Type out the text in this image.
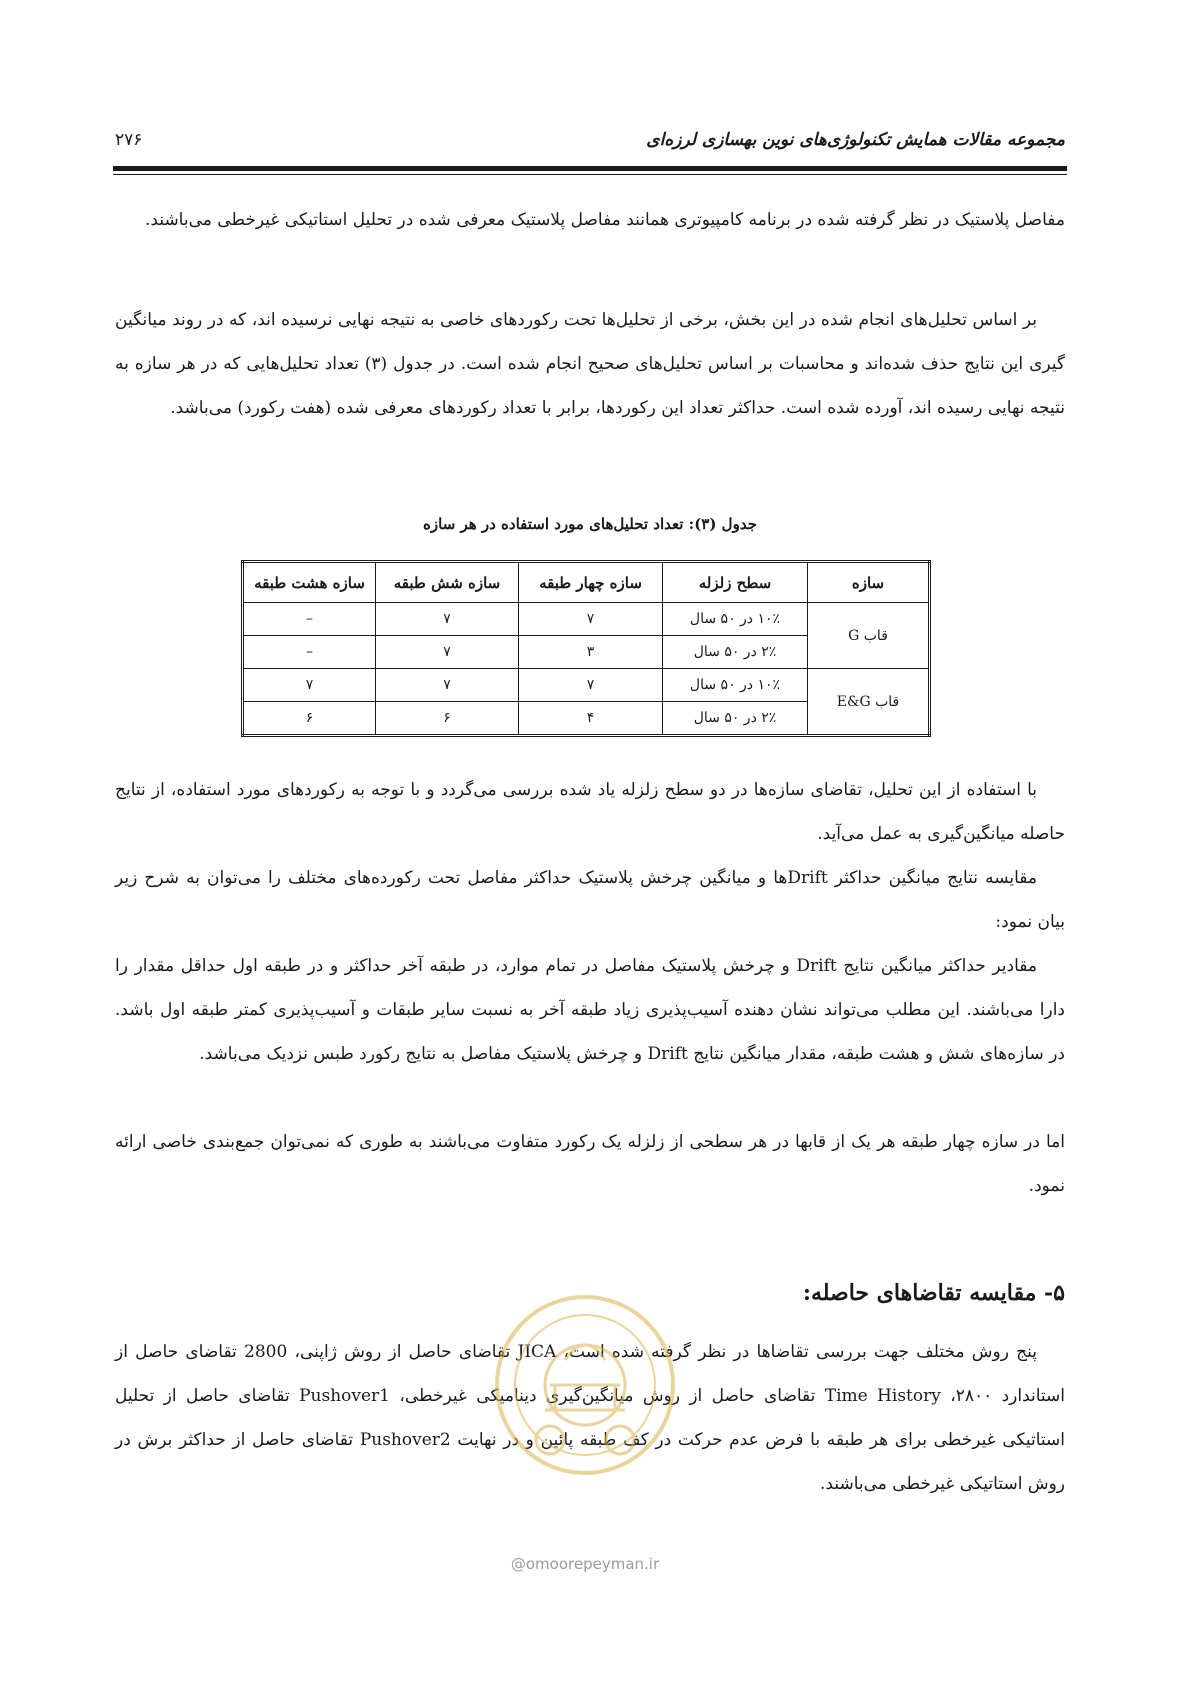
مجموعه مقالات همایش تکنولوژی‌های نوین بهسازی لرزه‌ای
۲۷۶

مفاصل پلاستیک در نظر گرفته شده در برنامه کامپیوتری همانند مفاصل پلاستیک معرفی شده در تحلیل استاتیکی غیرخطی می‌باشند.

بر اساس تحلیل‌های انجام شده در این بخش، برخی از تحلیل‌ها تحت رکوردهای خاصی به نتیجه نهایی نرسیده اند، که در روند میانگین گیری این نتایج حذف شده‌اند و محاسبات بر اساس تحلیل‌های صحیح انجام شده است. در جدول (۳) تعداد تحلیل‌هایی که در هر سازه به نتیجه نهایی رسیده اند، آورده شده است. حداکثر تعداد این رکوردها، برابر با تعداد رکوردهای معرفی شده (هفت رکورد) می‌باشد.

جدول (۳): تعداد تحلیل‌های مورد استفاده در هر سازه

سازه	سطح زلزله	سازه چهار طبقه	سازه شش طبقه	سازه هشت طبقه
قاب G	۱۰٪ در ۵۰ سال	۷	۷	–
	۲٪ در ۵۰ سال	۳	۷	–
قاب E&G	۱۰٪ در ۵۰ سال	۷	۷	۷
	۲٪ در ۵۰ سال	۴	۶	۶

با استفاده از این تحلیل، تقاضای سازه‌ها در دو سطح زلزله یاد شده بررسی می‌گردد و با توجه به رکوردهای مورد استفاده، از نتایج حاصله میانگین‌گیری به عمل می‌آید.

مقایسه نتایج میانگین حداکثر Driftها و میانگین چرخش پلاستیک حداکثر مفاصل تحت رکورده‌های مختلف را می‌توان به شرح زیر بیان نمود:

مقادیر حداکثر میانگین نتایج Drift و چرخش پلاستیک مفاصل در تمام موارد، در طبقه آخر حداکثر و در طبقه اول حداقل مقدار را دارا می‌باشند. این مطلب می‌تواند نشان دهنده آسیب‌پذیری زیاد طبقه آخر به نسبت سایر طبقات و آسیب‌پذیری کمتر طبقه اول باشد. در سازه‌های شش و هشت طبقه، مقدار میانگین نتایج Drift و چرخش پلاستیک مفاصل به نتایج رکورد طبس نزدیک می‌باشد.

اما در سازه چهار طبقه هر یک از قابها در هر سطحی از زلزله یک رکورد متفاوت می‌باشند به طوری که نمی‌توان جمع‌بندی خاصی ارائه نمود.

۵- مقایسه تقاضاهای حاصله:

پنج روش مختلف جهت بررسی تقاضاها در نظر گرفته شده است، JICA تقاضای حاصل از روش ژاپنی، 2800 تقاضای حاصل از استاندارد ۲۸۰۰، Time History تقاضای حاصل از روش میانگین‌گیری دینامیکی غیرخطی، Pushover1 تقاضای حاصل از تحلیل استاتیکی غیرخطی برای هر طبقه با فرض عدم حرکت در کف طبقه پائین و در نهایت Pushover2 تقاضای حاصل از حداکثر برش در روش استاتیکی غیرخطی می‌باشند.

@omoorepeyman.ir
